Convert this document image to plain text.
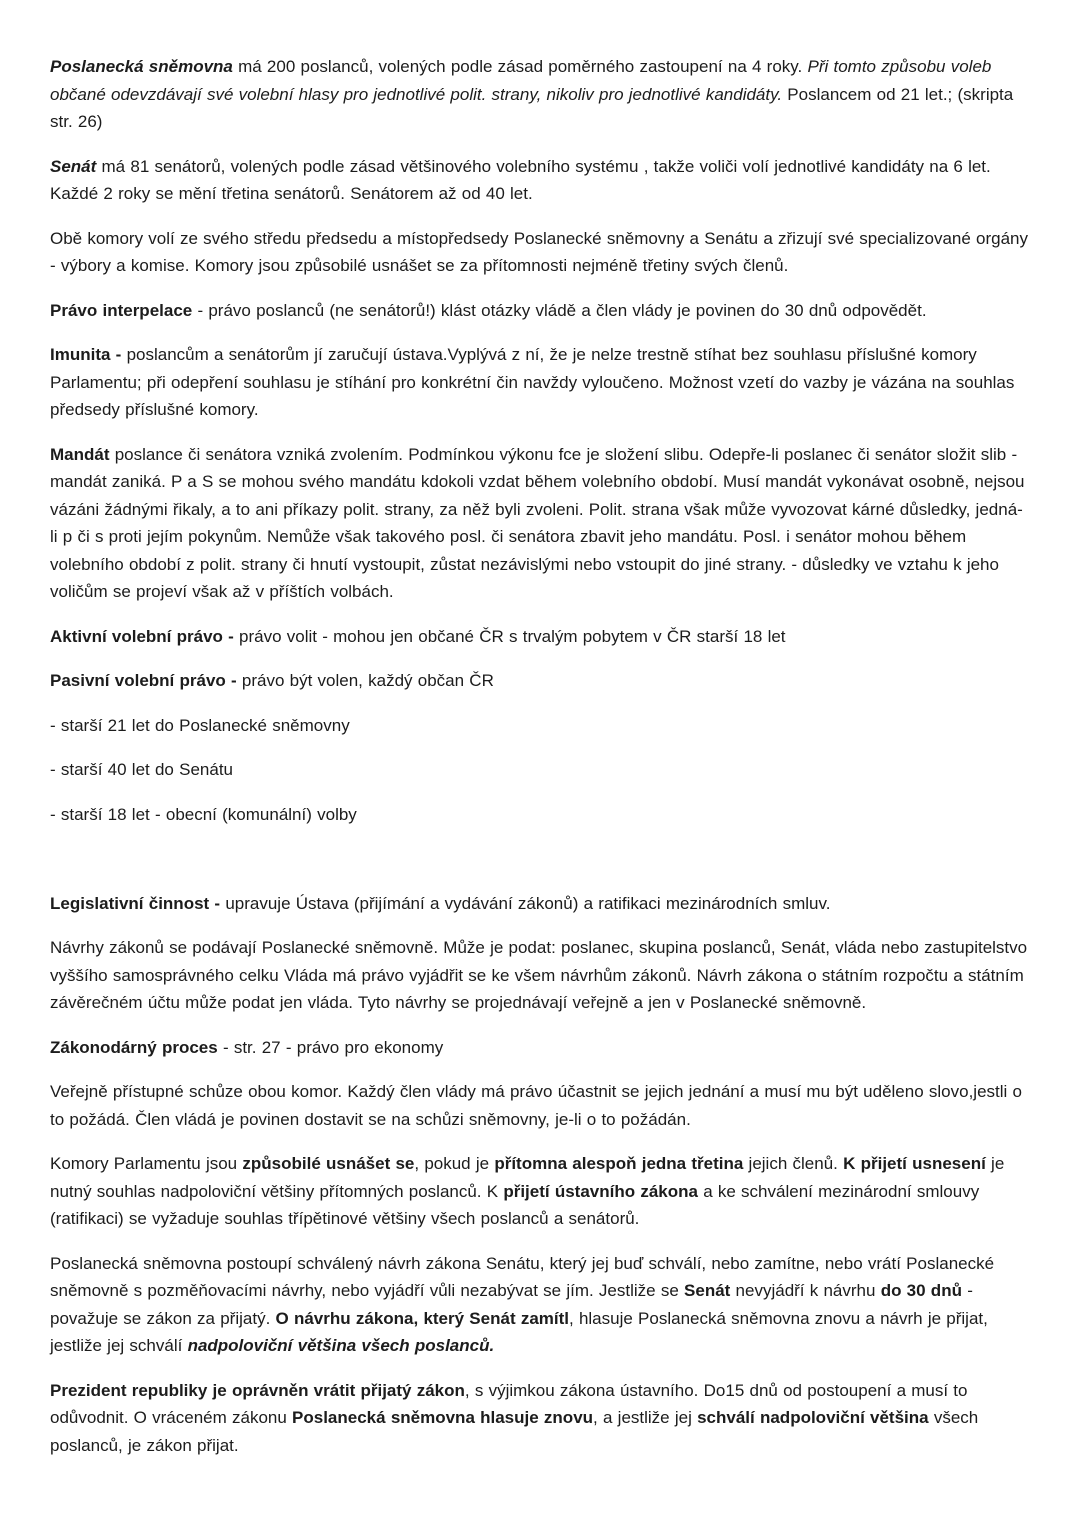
Poslanecká sněmovna má 200 poslanců, volených podle zásad poměrného zastoupení na 4 roky. Při tomto způsobu voleb občané odevzdávají své volební hlasy pro jednotlivé polit. strany, nikoliv pro jednotlivé kandidáty. Poslancem od 21 let.; (skripta str. 26)

Senát má 81 senátorů, volených podle zásad většinového volebního systému , takže voliči volí jednotlivé kandidáty na 6 let. Každé 2 roky se mění třetina senátorů. Senátorem až od 40 let.

Obě komory volí ze svého středu předsedu a místopředsedy Poslanecké sněmovny a Senátu a zřizují své specializované orgány - výbory a komise. Komory jsou způsobilé usnášet se za přítomnosti nejméně třetiny svých členů.

Právo interpelace - právo poslanců (ne senátorů!) klást otázky vládě a člen vlády je povinen do 30 dnů odpovědět.

Imunita - poslancům a senátorům jí zaručují ústava.Vyplývá z ní, že je nelze trestně stíhat bez souhlasu příslušné komory Parlamentu; při odepření souhlasu je stíhání pro konkrétní čin navždy vyloučeno. Možnost vzetí do vazby je vázána na souhlas předsedy příslušné komory.

Mandát poslance či senátora vzniká zvolením. Podmínkou výkonu fce je složení slibu. Odepře-li poslanec či senátor složit slib - mandát zaniká. P a S se mohou svého mandátu kdokoli vzdat během volebního období. Musí mandát vykonávat osobně, nejsou vázáni žádnými řikaly, a to ani příkazy polit. strany, za něž byli zvoleni. Polit. strana však může vyvozovat kárné důsledky, jedná-li p či s proti jejím pokynům. Nemůže však takového posl. či senátora zbavit jeho mandátu. Posl. i senátor mohou během volebního období z polit. strany či hnutí vystoupit, zůstat nezávislými nebo vstoupit do jiné strany. - důsledky ve vztahu k jeho voličům se projeví však až v příštích volbách.

Aktivní volební právo - právo volit - mohou jen občané ČR s trvalým pobytem v ČR starší 18 let

Pasivní volební právo - právo být volen, každý občan ČR

- starší 21 let do Poslanecké sněmovny

- starší 40 let do Senátu

- starší 18 let - obecní (komunální) volby

Legislativní činnost - upravuje Ústava (přijímání a vydávání zákonů) a ratifikaci mezinárodních smluv.

Návrhy zákonů se podávají Poslanecké sněmovně. Může je podat: poslanec, skupina poslanců, Senát, vláda nebo zastupitelstvo vyššího samosprávného celku Vláda má právo vyjádřit se ke všem návrhům zákonů. Návrh zákona o státním rozpočtu a státním závěrečném účtu může podat jen vláda. Tyto návrhy se projednávají veřejně a jen v Poslanecké sněmovně.

Zákonodárný proces - str. 27 - právo pro ekonomy

Veřejně přístupné schůze obou komor. Každý člen vlády má právo účastnit se jejich jednání a musí mu být uděleno slovo,jestli o to požádá. Člen vládá je povinen dostavit se na schůzi sněmovny, je-li o to požádán.

Komory Parlamentu jsou způsobilé usnášet se, pokud je přítomna alespoň jedna třetina jejich členů. K přijetí usnesení je nutný souhlas nadpoloviční většiny přítomných poslanců. K přijetí ústavního zákona a ke schválení mezinárodní smlouvy (ratifikaci) se vyžaduje souhlas třípětinové většiny všech poslanců a senátorů.

Poslanecká sněmovna postoupí schválený návrh zákona Senátu, který jej buď schválí, nebo zamítne, nebo vrátí Poslanecké sněmovně s pozměňovacími návrhy, nebo vyjádří vůli nezabývat se jím. Jestliže se Senát nevyjádří k návrhu do 30 dnů - považuje se zákon za přijatý. O návrhu zákona, který Senát zamítl, hlasuje Poslanecká sněmovna znovu a návrh je přijat, jestliže jej schválí nadpoloviční většina všech poslanců.

Prezident republiky je oprávněn vrátit přijatý zákon, s výjimkou zákona ústavního. Do15 dnů od postoupení a musí to odůvodnit. O vráceném zákonu Poslanecká sněmovna hlasuje znovu, a jestliže jej schválí nadpoloviční většina všech poslanců, je zákon přijat.
